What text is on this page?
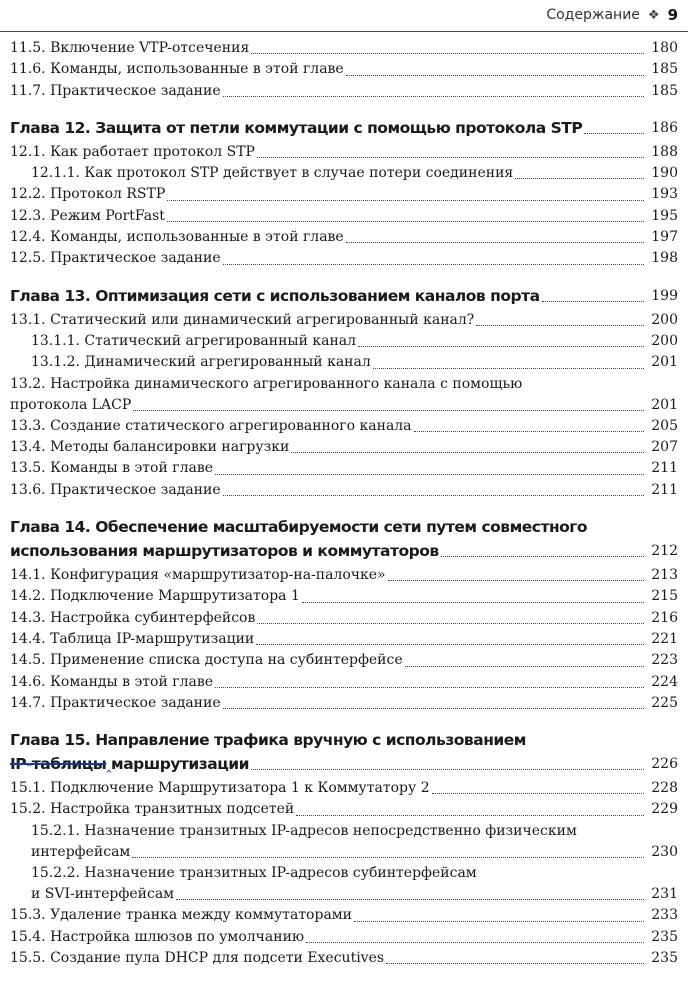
Содержание ❖ 9
11.5. Включение VTP-отсечения	180
11.6. Команды, использованные в этой главе	185
11.7. Практическое задание	185
Глава 12. Защита от петли коммутации с помощью протокола STP	186
12.1. Как работает протокол STP	188
12.1.1. Как протокол STP действует в случае потери соединения	190
12.2. Протокол RSTP	193
12.3. Режим PortFast	195
12.4. Команды, использованные в этой главе	197
12.5. Практическое задание	198
Глава 13. Оптимизация сети с использованием каналов порта	199
13.1. Статический или динамический агрегированный канал?	200
13.1.1. Статический агрегированный канал	200
13.1.2. Динамический агрегированный канал	201
13.2. Настройка динамического агрегированного канала с помощью
протокола LACP	201
13.3. Создание статического агрегированного канала	205
13.4. Методы балансировки нагрузки	207
13.5. Команды в этой главе	211
13.6. Практическое задание	211
Глава 14. Обеспечение масштабируемости сети путем совместного
использования маршрутизаторов и коммутаторов	212
14.1. Конфигурация «маршрутизатор-на-палочке»	213
14.2. Подключение Маршрутизатора 1	215
14.3. Настройка субинтерфейсов	216
14.4. Таблица IP-маршрутизации	221
14.5. Применение списка доступа на субинтерфейсе	223
14.6. Команды в этой главе	224
14.7. Практическое задание	225
Глава 15. Направление трафика вручную с использованием
IP-таблицы‸маршрутизации	226
15.1. Подключение Маршрутизатора 1 к Коммутатору 2	228
15.2. Настройка транзитных подсетей	229
15.2.1. Назначение транзитных IP-адресов непосредственно физическим
интерфейсам	230
15.2.2. Назначение транзитных IP-адресов субинтерфейсам
и SVI-интерфейсам	231
15.3. Удаление транка между коммутаторами	233
15.4. Настройка шлюзов по умолчанию	235
15.5. Создание пула DHCP для подсети Executives	235
